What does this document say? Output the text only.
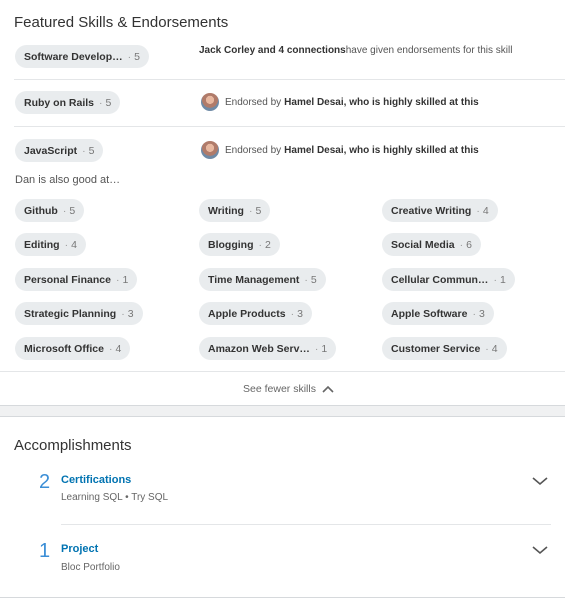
Featured Skills & Endorsements
Software Develop… · 5	Jack Corley and 4 connections have given endorsements for this skill
Ruby on Rails · 5	Endorsed by Hamel Desai, who is highly skilled at this
JavaScript · 5	Endorsed by Hamel Desai, who is highly skilled at this
Dan is also good at…
Github · 5	Writing · 5	Creative Writing · 4
Editing · 4	Blogging · 2	Social Media · 6
Personal Finance · 1	Time Management · 5	Cellular Commun… · 1
Strategic Planning · 3	Apple Products · 3	Apple Software · 3
Microsoft Office · 4	Amazon Web Serv… · 1	Customer Service · 4
See fewer skills
Accomplishments
2 Certifications
Learning SQL • Try SQL
1 Project
Bloc Portfolio
